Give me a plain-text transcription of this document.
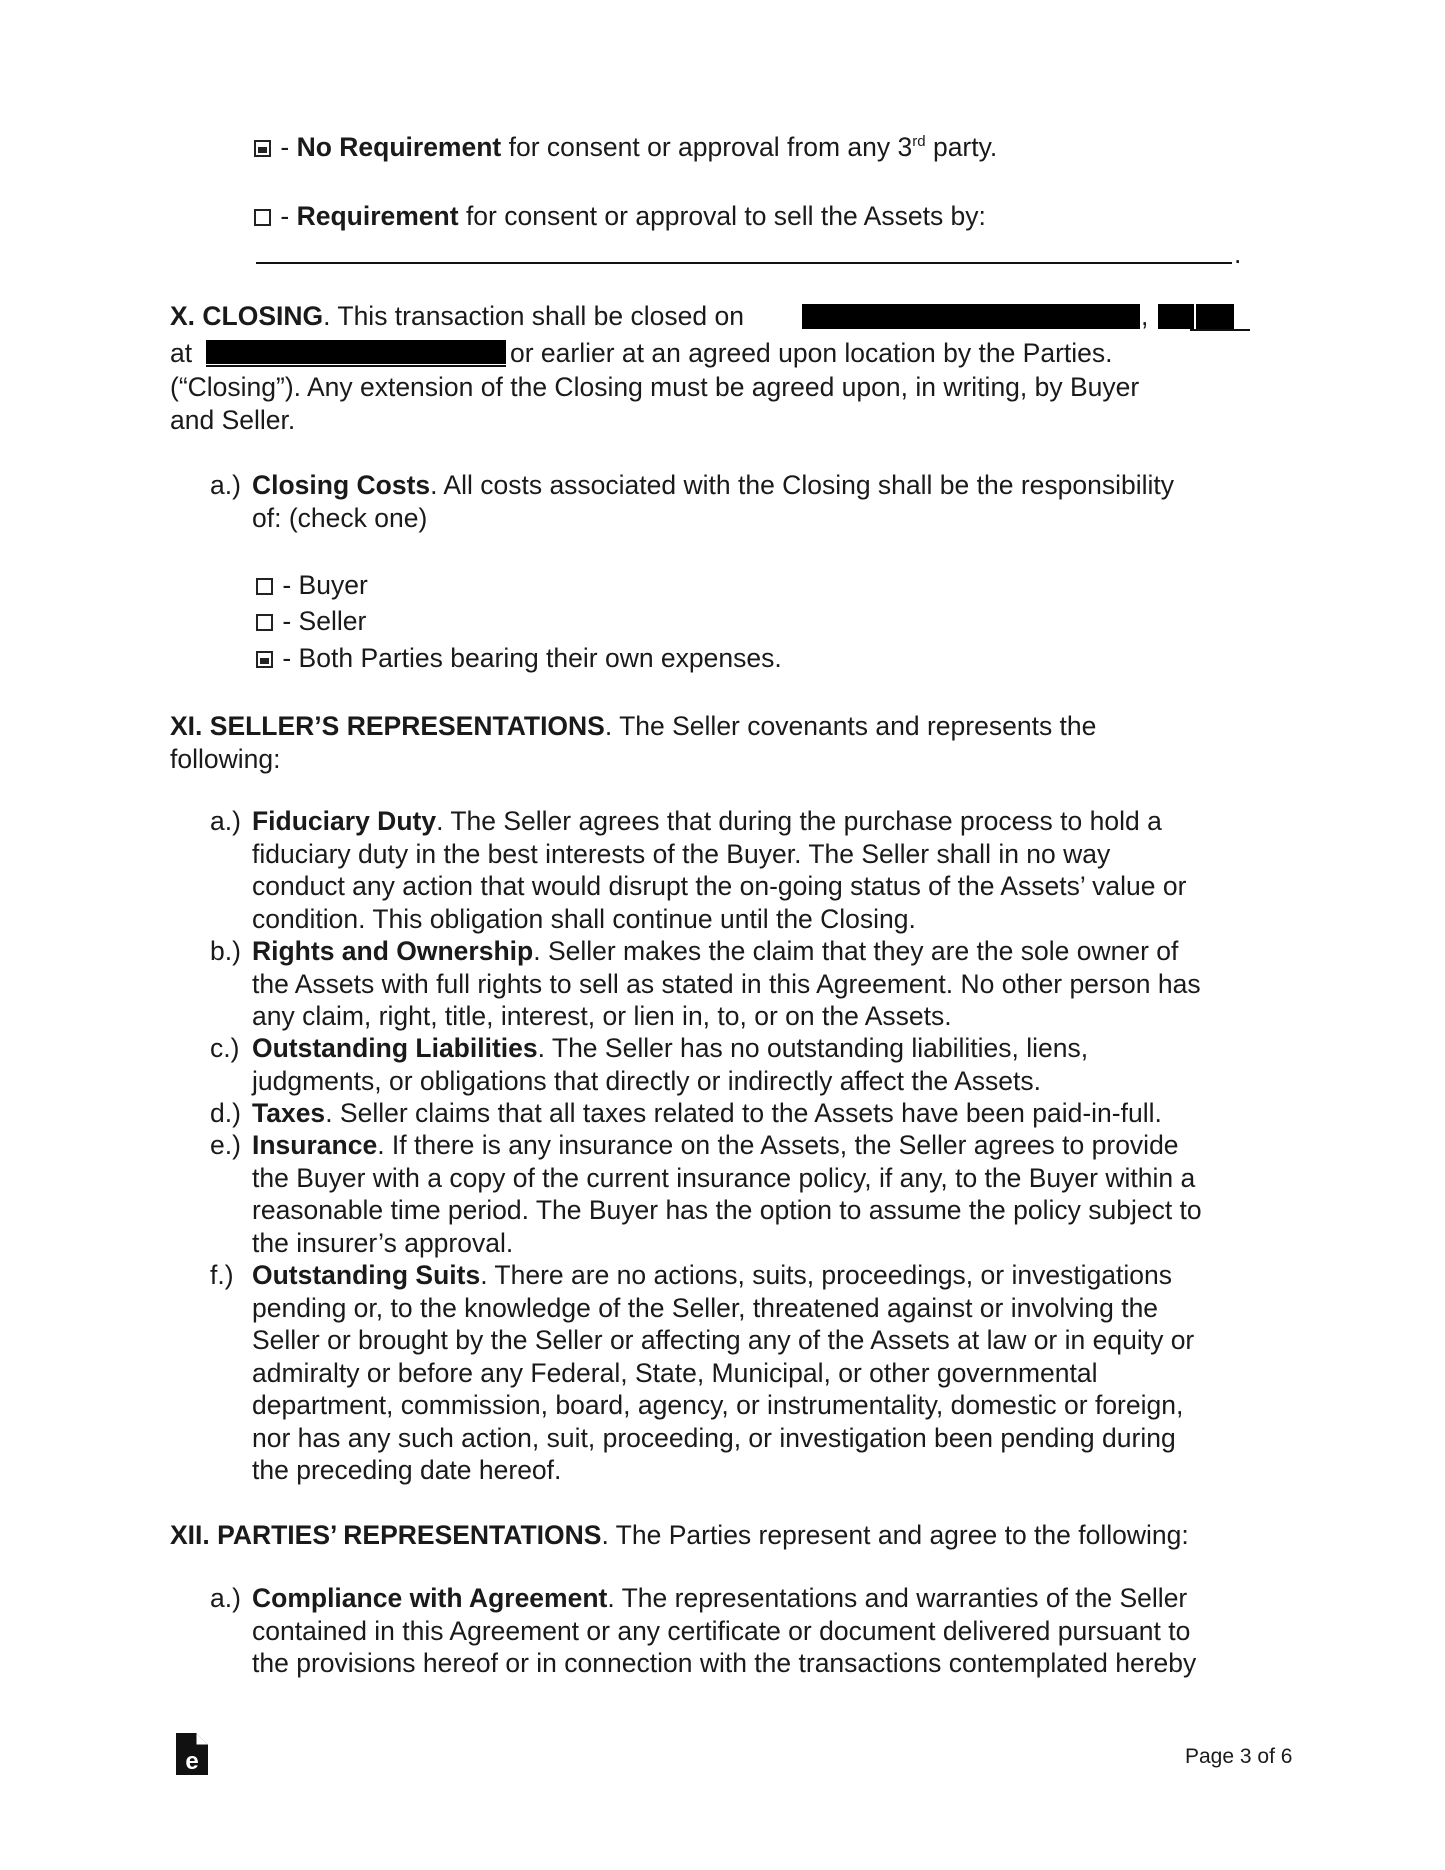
- No Requirement for consent or approval from any 3rd party.
- Requirement for consent or approval to sell the Assets by:
.
X. CLOSING. This transaction shall be closed on	,
at	or earlier at an agreed upon location by the Parties.
(“Closing”). Any extension of the Closing must be agreed upon, in writing, by Buyer
and Seller.
a.) Closing Costs. All costs associated with the Closing shall be the responsibility
of: (check one)
- Buyer
- Seller
- Both Parties bearing their own expenses.
XI. SELLER’S REPRESENTATIONS. The Seller covenants and represents the
following:
a.) Fiduciary Duty. The Seller agrees that during the purchase process to hold a
fiduciary duty in the best interests of the Buyer. The Seller shall in no way
conduct any action that would disrupt the on-going status of the Assets’ value or
condition. This obligation shall continue until the Closing.
b.) Rights and Ownership. Seller makes the claim that they are the sole owner of
the Assets with full rights to sell as stated in this Agreement. No other person has
any claim, right, title, interest, or lien in, to, or on the Assets.
c.) Outstanding Liabilities. The Seller has no outstanding liabilities, liens,
judgments, or obligations that directly or indirectly affect the Assets.
d.) Taxes. Seller claims that all taxes related to the Assets have been paid-in-full.
e.) Insurance. If there is any insurance on the Assets, the Seller agrees to provide
the Buyer with a copy of the current insurance policy, if any, to the Buyer within a
reasonable time period. The Buyer has the option to assume the policy subject to
the insurer’s approval.
f.) Outstanding Suits. There are no actions, suits, proceedings, or investigations
pending or, to the knowledge of the Seller, threatened against or involving the
Seller or brought by the Seller or affecting any of the Assets at law or in equity or
admiralty or before any Federal, State, Municipal, or other governmental
department, commission, board, agency, or instrumentality, domestic or foreign,
nor has any such action, suit, proceeding, or investigation been pending during
the preceding date hereof.
XII. PARTIES’ REPRESENTATIONS. The Parties represent and agree to the following:
a.) Compliance with Agreement. The representations and warranties of the Seller
contained in this Agreement or any certificate or document delivered pursuant to
the provisions hereof or in connection with the transactions contemplated hereby
e	Page 3 of 6
